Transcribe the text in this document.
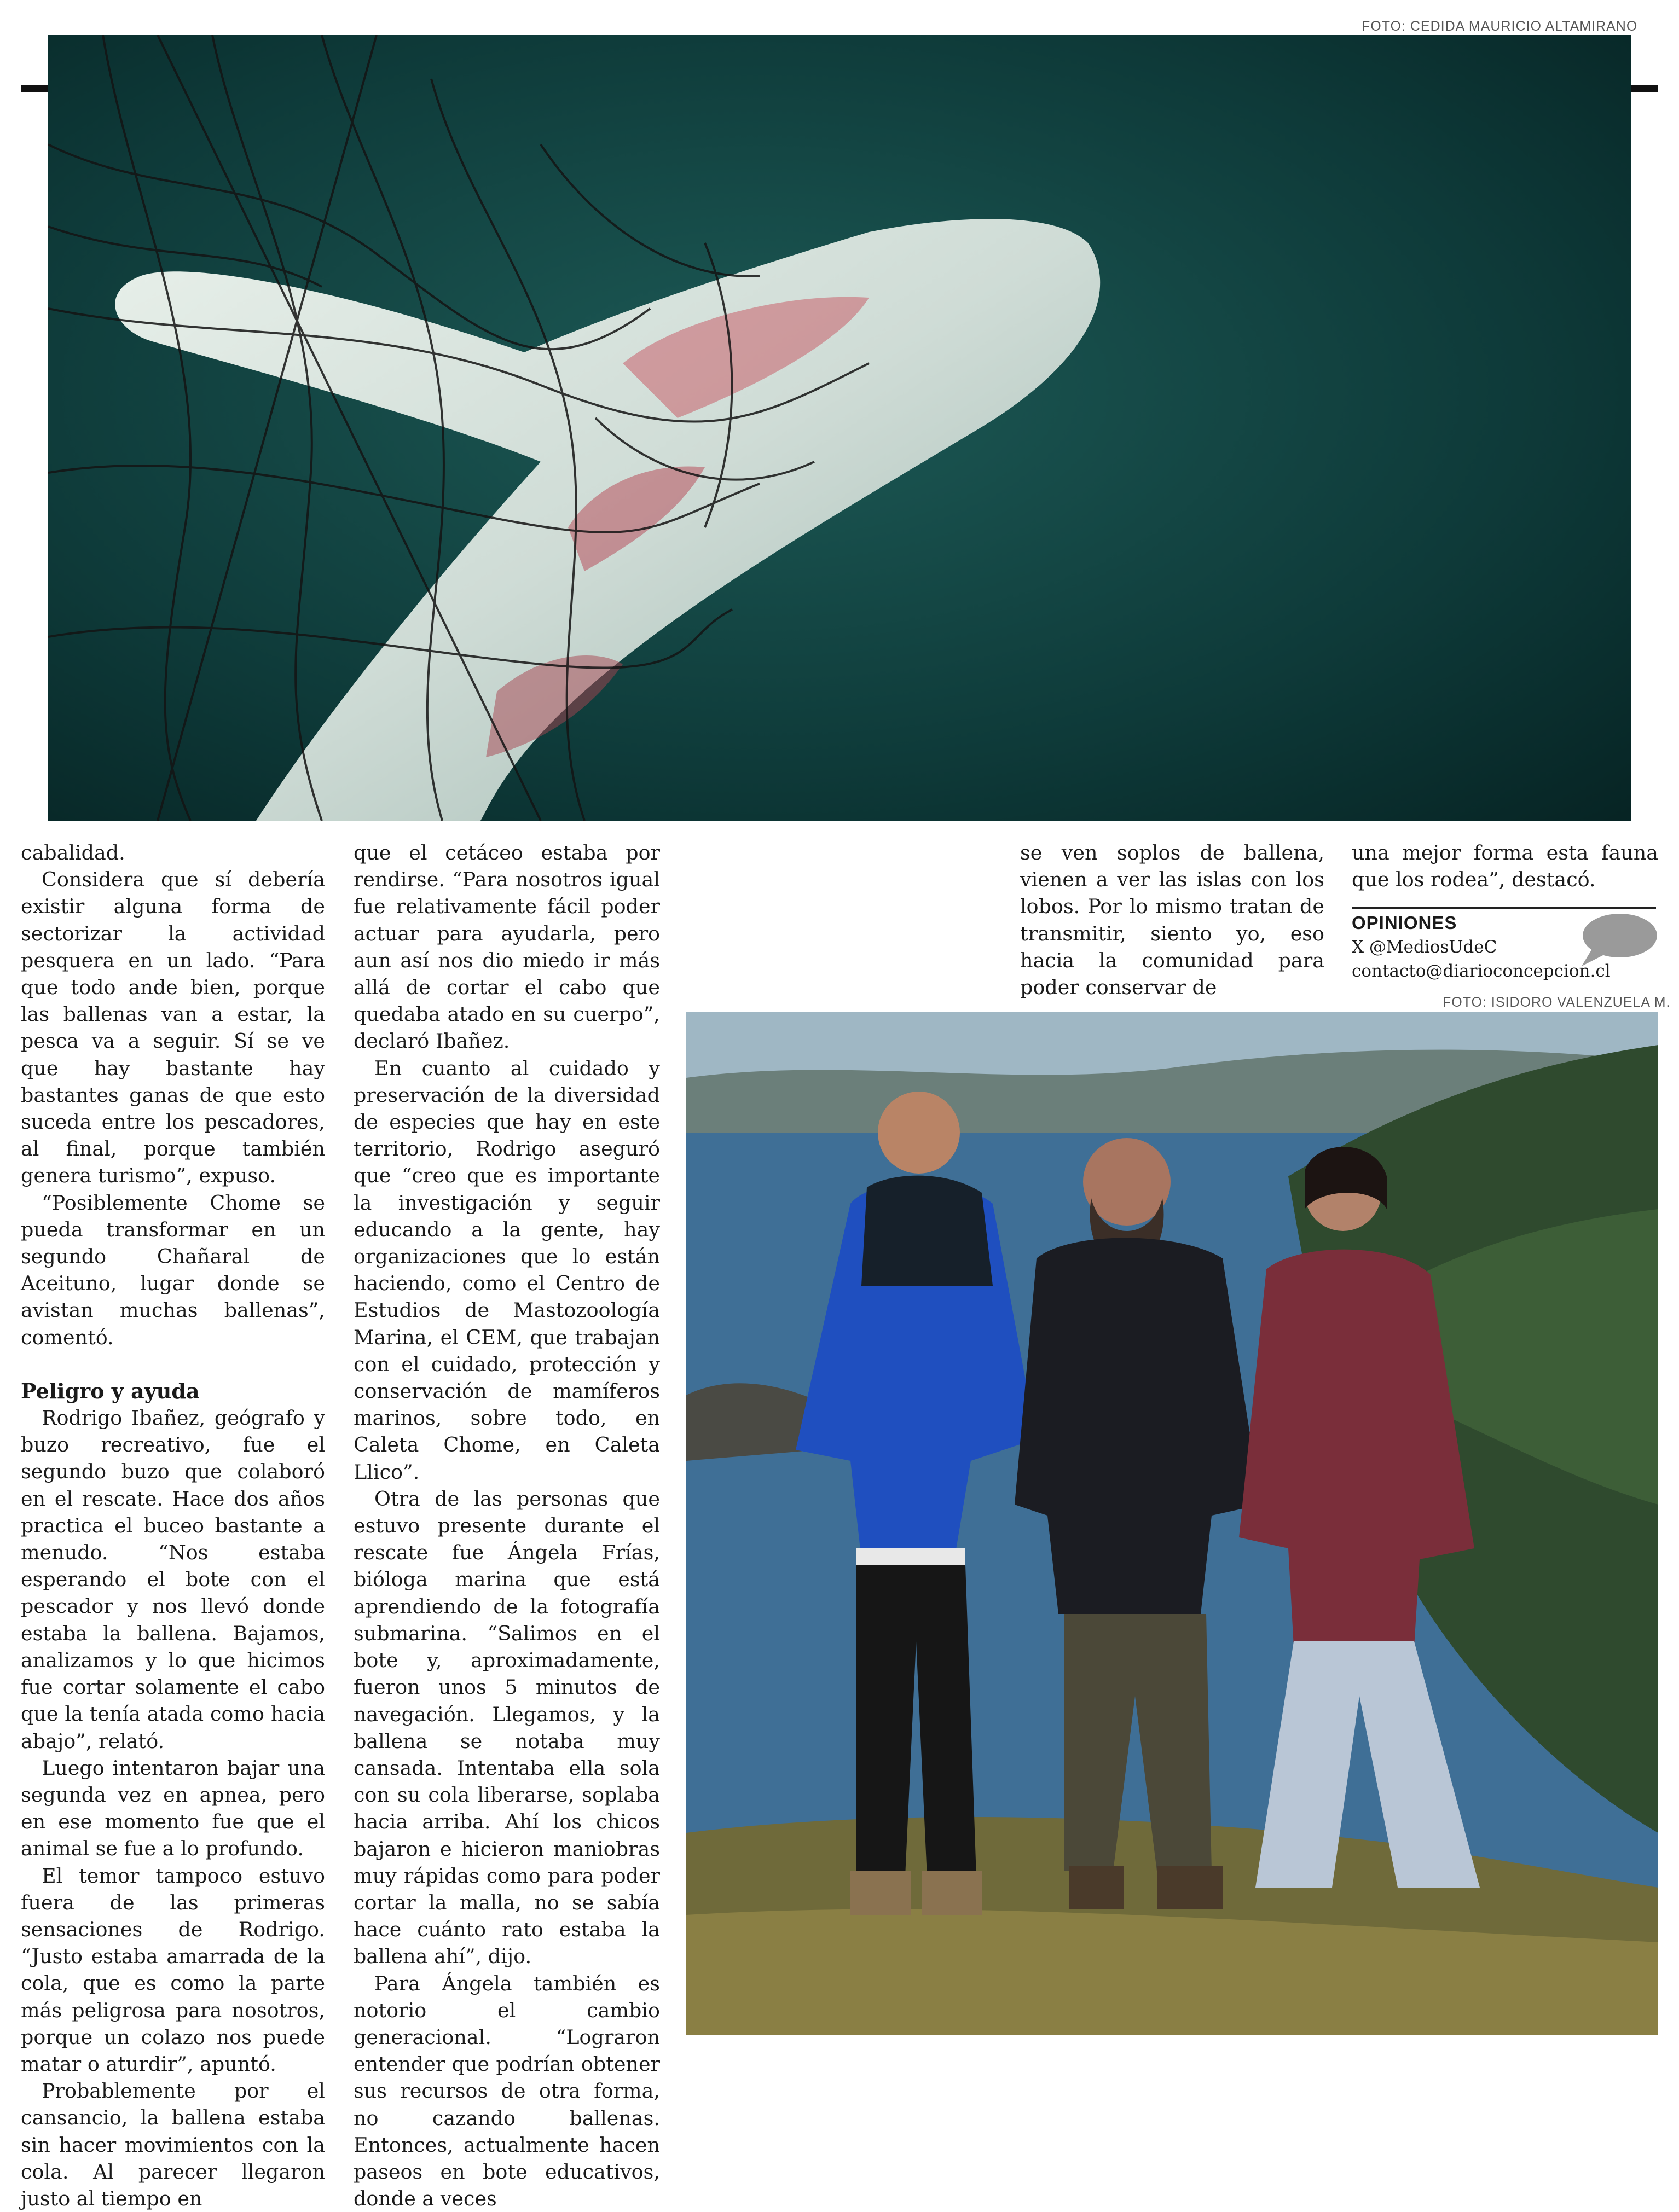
FOTO: CEDIDA MAURICIO ALTAMIRANO
FOTO: ISIDORO VALENZUELA M.

cabalidad.

Considera que sí debería existir alguna forma de sectorizar la actividad pesquera en un lado. “Para que todo ande bien, porque las ballenas van a estar, la pesca va a seguir. Sí se ve que hay bastante hay bastantes ganas de que esto suceda entre los pescadores, al final, porque también genera turismo”, expuso.

“Posiblemente Chome se pueda transformar en un segundo Chañaral de Aceituno, lugar donde se avistan muchas ballenas”, comentó.

Peligro y ayuda

Rodrigo Ibañez, geógrafo y buzo recreativo, fue el segundo buzo que colaboró en el rescate. Hace dos años practica el buceo bastante a menudo. “Nos estaba esperando el bote con el pescador y nos llevó donde estaba la ballena. Bajamos, analizamos y lo que hicimos fue cortar solamente el cabo que la tenía atada como hacia abajo”, relató.

Luego intentaron bajar una segunda vez en apnea, pero en ese momento fue que el animal se fue a lo profundo.

El temor tampoco estuvo fuera de las primeras sensaciones de Rodrigo. “Justo estaba amarrada de la cola, que es como la parte más peligrosa para nosotros, porque un colazo nos puede matar o aturdir”, apuntó.

Probablemente por el cansancio, la ballena estaba sin hacer movimientos con la cola. Al parecer llegaron justo al tiempo en

que el cetáceo estaba por rendirse. “Para nosotros igual fue relativamente fácil poder actuar para ayudarla, pero aun así nos dio miedo ir más allá de cortar el cabo que quedaba atado en su cuerpo”, declaró Ibañez.

En cuanto al cuidado y preservación de la diversidad de especies que hay en este territorio, Rodrigo aseguró que “creo que es importante la investigación y seguir educando a la gente, hay organizaciones que lo están haciendo, como el Centro de Estudios de Mastozoología Marina, el CEM, que trabajan con el cuidado, protección y conservación de mamíferos marinos, sobre todo, en Caleta Chome, en Caleta Llico”.

Otra de las personas que estuvo presente durante el rescate fue Ángela Frías, bióloga marina que está aprendiendo de la fotografía submarina. “Salimos en el bote y, aproximadamente, fueron unos 5 minutos de navegación. Llegamos, y la ballena se notaba muy cansada. Intentaba ella sola con su cola liberarse, soplaba hacia arriba. Ahí los chicos bajaron e hicieron maniobras muy rápidas como para poder cortar la malla, no se sabía hace cuánto rato estaba la ballena ahí”, dijo.

Para Ángela también es notorio el cambio generacional. “Lograron entender que podrían obtener sus recursos de otra forma, no cazando ballenas. Entonces, actualmente hacen paseos en bote educativos, donde a veces

se ven soplos de ballena, vienen a ver las islas con los lobos. Por lo mismo tratan de transmitir, siento yo, eso hacia la comunidad para poder conservar de

una mejor forma esta fauna que los rodea”, destacó.

OPINIONES
X @MediosUdeC
contacto@diarioconcepcion.cl
